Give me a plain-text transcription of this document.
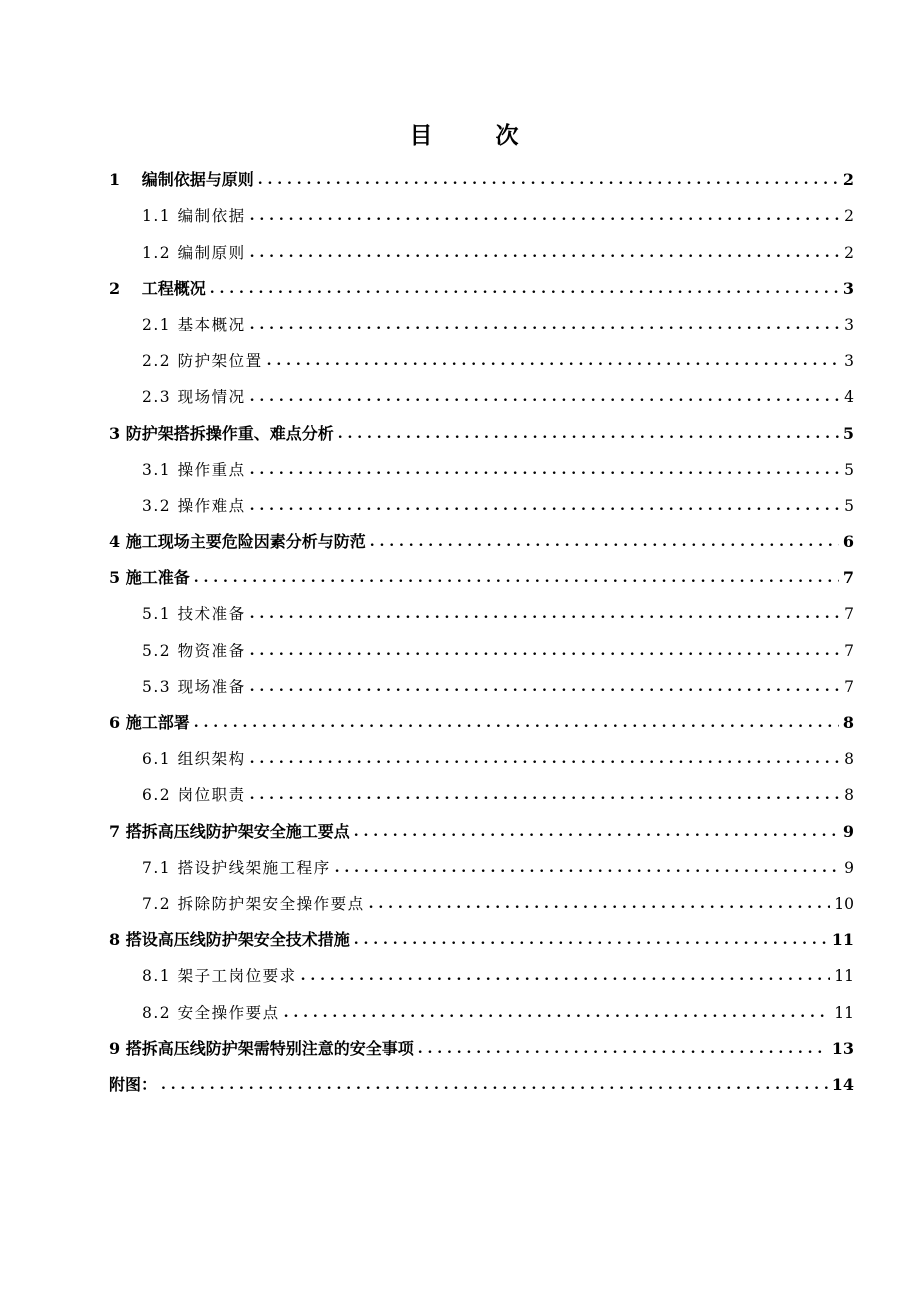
目　次
1　 编制依据与原则 . . .	2
1.1 编制依据 . . .	2
1.2 编制原则 . . .	2
2　 工程概况 . . .	3
2.1 基本概况 . . .	3
2.2 防护架位置 . . .	3
2.3 现场情况 . . .	4
3 防护架搭拆操作重、难点分析 . . .	5
3.1 操作重点 . . .	5
3.2 操作难点 . . .	5
4 施工现场主要危险因素分析与防范 . . .	6
5 施工准备 . . .	7
5.1 技术准备 . . .	7
5.2 物资准备 . . .	7
5.3 现场准备 . . .	7
6 施工部署 . . .	8
6.1 组织架构 . . .	8
6.2 岗位职责 . . .	8
7 搭拆高压线防护架安全施工要点 . . .	9
7.1 搭设护线架施工程序 . . .	9
7.2 拆除防护架安全操作要点 . . .	10
8 搭设高压线防护架安全技术措施 . . .	11
8.1 架子工岗位要求 . . .	11
8.2 安全操作要点 . . .	11
9 搭拆高压线防护架需特别注意的安全事项 . . .	13
附图： . . .	14
